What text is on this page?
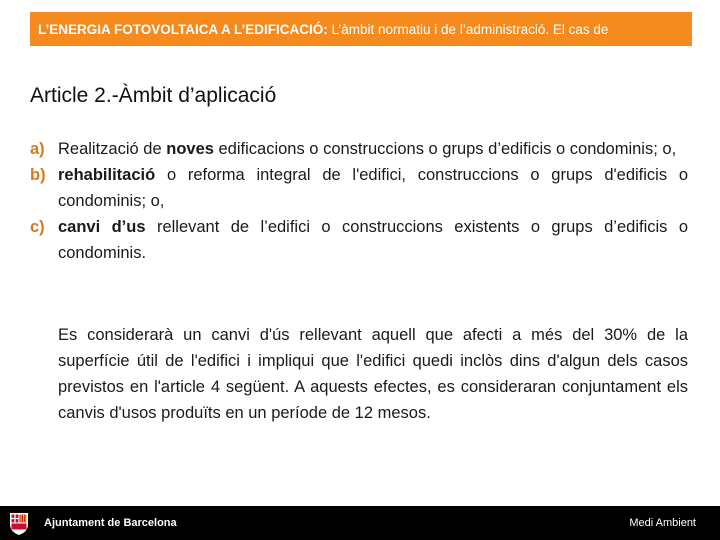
L’ENERGIA FOTOVOLTAICA A L’EDIFICACIÓ: L’àmbit normatiu i de l’administració. El cas de
Article 2.-Àmbit d’aplicació
a) Realització de noves edificacions o construccions o grups d’edificis o condominis; o,
b) rehabilitació o reforma integral de l'edifici, construccions o grups d'edificis o condominis; o,
c) canvi d’us rellevant de l’edifici o construccions existents o grups d’edificis o condominis.
Es considerarà un canvi d'ús rellevant aquell que afecti a més del 30% de la superfície útil de l'edifici i impliqui que l'edifici quedi inclòs dins d'algun dels casos previstos en l'article 4 següent. A aquests efectes, es consideraran conjuntament els canvis d'usos produïts en un període de 12 mesos.
Ajuntament de Barcelona	Medi Ambient
